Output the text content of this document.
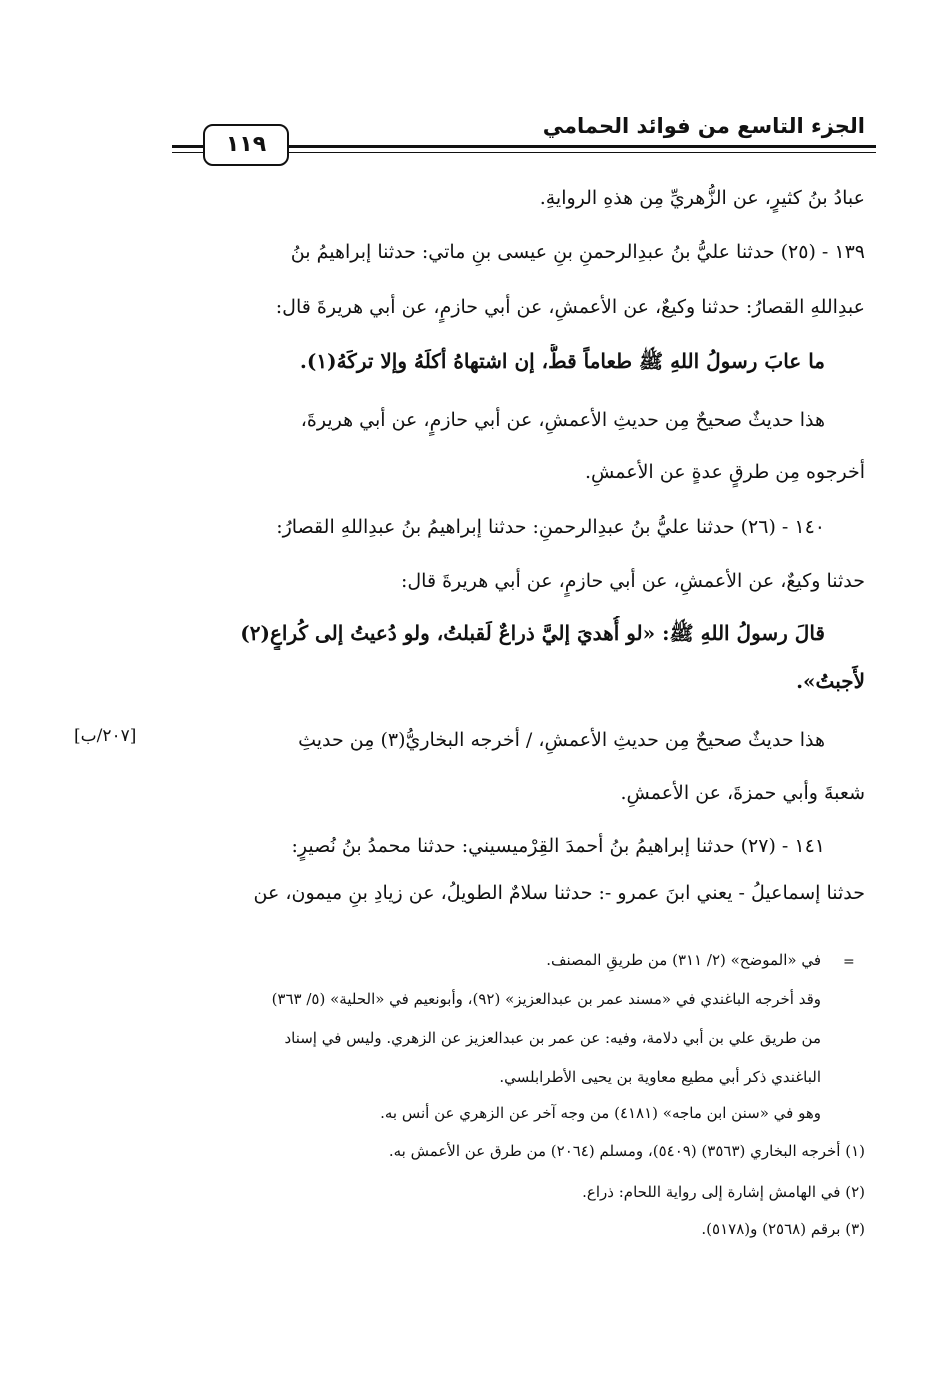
الجزء التاسع من فوائد الحمامي
١١٩
عبادُ بنُ كثيرٍ، عن الزُّهريِّ مِن هذهِ الروايةِ.
١٣٩ - (٢٥) حدثنا عليُّ بنُ عبدِالرحمنِ بنِ عيسى بنِ ماتي: حدثنا إبراهيمُ بنُ
عبدِاللهِ القصارُ: حدثنا وكيعٌ، عن الأعمشِ، عن أبي حازمٍ، عن أبي هريرةَ قال:
ما عابَ رسولُ اللهِ ﷺ طعاماً قطُّ، إن اشتهاهُ أكلَهُ وإلا تركَهُ(١).
هذا حديثٌ صحيحٌ مِن حديثِ الأعمشِ، عن أبي حازمٍ، عن أبي هريرةَ،
أخرجوه مِن طرقٍ عدةٍ عن الأعمشِ.
١٤٠ - (٢٦) حدثنا عليُّ بنُ عبدِالرحمنِ: حدثنا إبراهيمُ بنُ عبدِاللهِ القصارُ:
حدثنا وكيعٌ، عن الأعمشِ، عن أبي حازمٍ، عن أبي هريرةَ قال:
قالَ رسولُ اللهِ ﷺ: «لو أُهديَ إليَّ ذراعٌ لَقبلتُ، ولو دُعيتُ إلى كُراعٍ(٢)
لأَجبتُ».
هذا حديثٌ صحيحٌ مِن حديثِ الأعمشِ، / أخرجه البخاريُّ(٣) مِن حديثِ
شعبةَ وأبي حمزةَ، عن الأعمشِ.
١٤١ - (٢٧) حدثنا إبراهيمُ بنُ أحمدَ القِرْميسيني: حدثنا محمدُ بنُ نُصيرٍ:
حدثنا إسماعيلُ - يعني ابنَ عمرو -: حدثنا سلامٌ الطويلُ، عن زيادِ بنِ ميمون، عن
[٢٠٧/ب]
=
في «الموضح» (٢/ ٣١١) من طريقِ المصنف.
وقد أخرجه الباغندي في «مسند عمر بن عبدالعزيز» (٩٢)، وأبونعيم في «الحلية» (٥/ ٣٦٣)
من طريق علي بن أبي دلامة، وفيه: عن عمر بن عبدالعزيز عن الزهري. وليس في إسناد
الباغندي ذكر أبي مطيع معاوية بن يحيى الأطرابلسي.
وهو في «سنن ابن ماجه» (٤١٨١) من وجه آخر عن الزهري عن أنس به.
(١) أخرجه البخاري (٣٥٦٣) (٥٤٠٩)، ومسلم (٢٠٦٤) من طرق عن الأعمش به.
(٢) في الهامش إشارة إلى رواية اللحام: ذراع.
(٣) برقم (٢٥٦٨) و(٥١٧٨).
